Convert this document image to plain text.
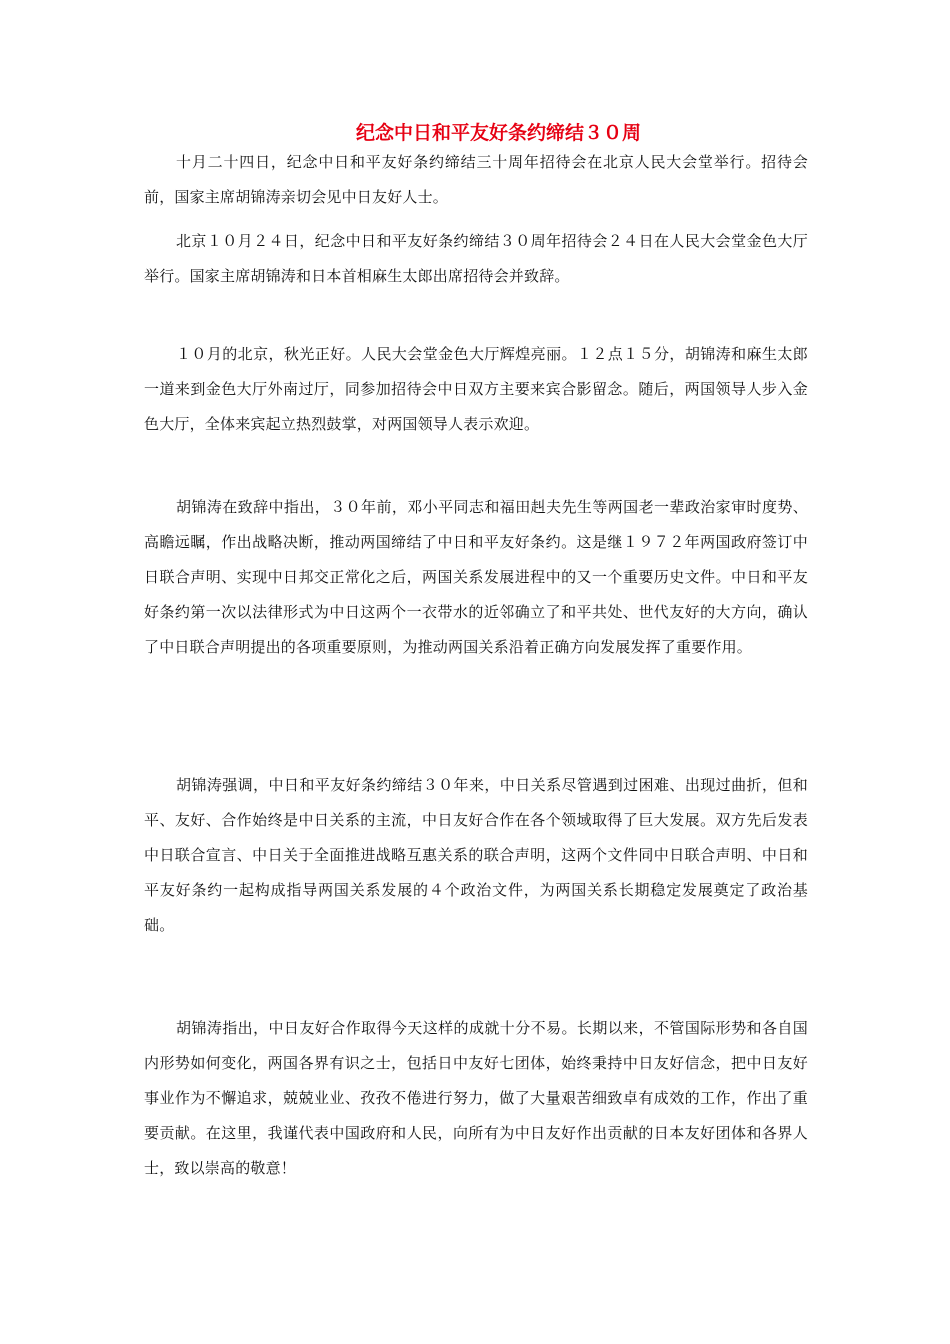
纪念中日和平友好条约缔结３０周

十月二十四日，纪念中日和平友好条约缔结三十周年招待会在北京人民大会堂举行。招待会前，国家主席胡锦涛亲切会见中日友好人士。

北京１０月２４日，纪念中日和平友好条约缔结３０周年招待会２４日在人民大会堂金色大厅举行。国家主席胡锦涛和日本首相麻生太郎出席招待会并致辞。

１０月的北京，秋光正好。人民大会堂金色大厅辉煌亮丽。１２点１５分，胡锦涛和麻生太郎一道来到金色大厅外南过厅，同参加招待会中日双方主要来宾合影留念。随后，两国领导人步入金色大厅，全体来宾起立热烈鼓掌，对两国领导人表示欢迎。

胡锦涛在致辞中指出，３０年前，邓小平同志和福田赳夫先生等两国老一辈政治家审时度势、高瞻远瞩，作出战略决断，推动两国缔结了中日和平友好条约。这是继１９７２年两国政府签订中日联合声明、实现中日邦交正常化之后，两国关系发展进程中的又一个重要历史文件。中日和平友好条约第一次以法律形式为中日这两个一衣带水的近邻确立了和平共处、世代友好的大方向，确认了中日联合声明提出的各项重要原则，为推动两国关系沿着正确方向发展发挥了重要作用。

胡锦涛强调，中日和平友好条约缔结３０年来，中日关系尽管遇到过困难、出现过曲折，但和平、友好、合作始终是中日关系的主流，中日友好合作在各个领域取得了巨大发展。双方先后发表中日联合宣言、中日关于全面推进战略互惠关系的联合声明，这两个文件同中日联合声明、中日和平友好条约一起构成指导两国关系发展的４个政治文件，为两国关系长期稳定发展奠定了政治基础。

胡锦涛指出，中日友好合作取得今天这样的成就十分不易。长期以来，不管国际形势和各自国内形势如何变化，两国各界有识之士，包括日中友好七团体，始终秉持中日友好信念，把中日友好事业作为不懈追求，兢兢业业、孜孜不倦进行努力，做了大量艰苦细致卓有成效的工作，作出了重要贡献。在这里，我谨代表中国政府和人民，向所有为中日友好作出贡献的日本友好团体和各界人士，致以崇高的敬意！
